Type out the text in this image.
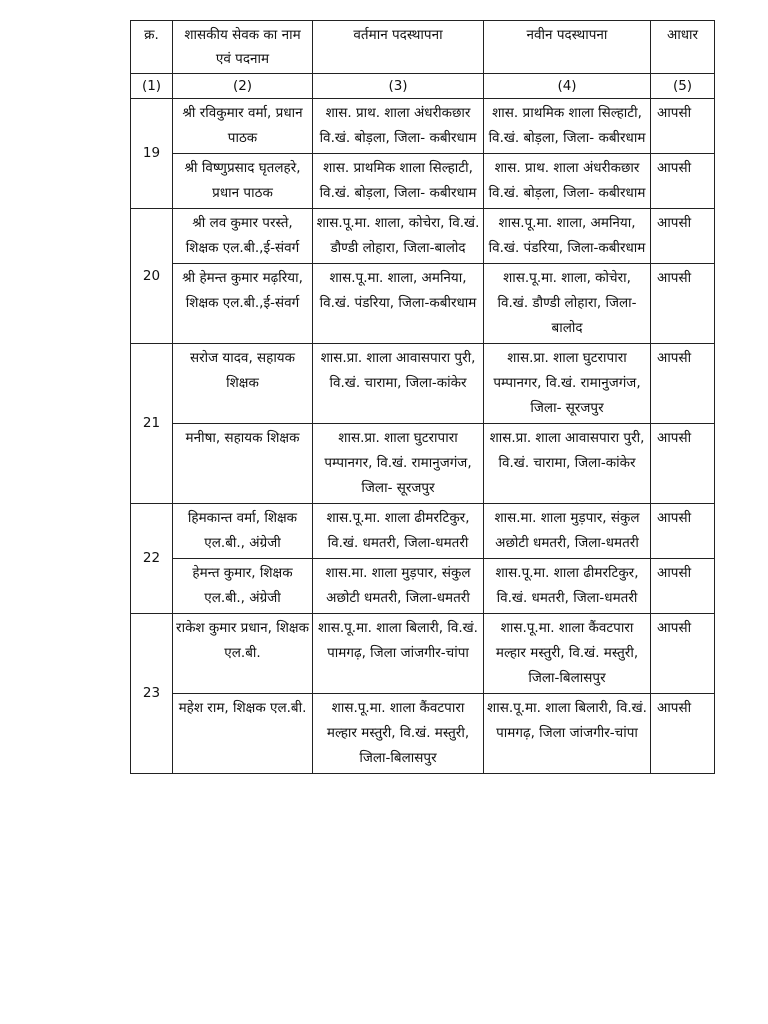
क्र.	शासकीय सेवक का नाम एवं पदनाम	वर्तमान पदस्थापना	नवीन पदस्थापना	आधार
(1)	(2)	(3)	(4)	(5)
19	श्री रविकुमार वर्मा, प्रधान पाठक	शास. प्राथ. शाला अंधरीकछार वि.खं. बोड़ला, जिला- कबीरधाम	शास. प्राथमिक शाला सिल्हाटी, वि.खं. बोड़ला, जिला- कबीरधाम	आपसी
	श्री विष्णुप्रसाद घृतलहरे, प्रधान पाठक	शास. प्राथमिक शाला सिल्हाटी, वि.खं. बोड़ला, जिला- कबीरधाम	शास. प्राथ. शाला अंधरीकछार वि.खं. बोड़ला, जिला- कबीरधाम	आपसी
20	श्री लव कुमार परस्ते, शिक्षक एल.बी.,ई-संवर्ग	शास.पू.मा. शाला, कोचेरा, वि.खं. डौण्डी लोहारा, जिला-बालोद	शास.पू.मा. शाला, अमनिया, वि.खं. पंडरिया, जिला-कबीरधाम	आपसी
	श्री हेमन्त कुमार मढ़रिया, शिक्षक एल.बी.,ई-संवर्ग	शास.पू.मा. शाला, अमनिया, वि.खं. पंडरिया, जिला-कबीरधाम	शास.पू.मा. शाला, कोचेरा, वि.खं. डौण्डी लोहारा, जिला-बालोद	आपसी
21	सरोज यादव, सहायक शिक्षक	शास.प्रा. शाला आवासपारा पुरी, वि.खं. चारामा, जिला-कांकेर	शास.प्रा. शाला घुटरापारा पम्पानगर, वि.खं. रामानुजगंज, जिला- सूरजपुर	आपसी
	मनीषा, सहायक शिक्षक	शास.प्रा. शाला घुटरापारा पम्पानगर, वि.खं. रामानुजगंज, जिला- सूरजपुर	शास.प्रा. शाला आवासपारा पुरी, वि.खं. चारामा, जिला-कांकेर	आपसी
22	हिमकान्त वर्मा, शिक्षक एल.बी., अंग्रेजी	शास.पू.मा. शाला ढीमरटिकुर, वि.खं. धमतरी, जिला-धमतरी	शास.मा. शाला मुड़पार, संकुल अछोटी धमतरी, जिला-धमतरी	आपसी
	हेमन्त कुमार, शिक्षक एल.बी., अंग्रेजी	शास.मा. शाला मुड़पार, संकुल अछोटी धमतरी, जिला-धमतरी	शास.पू.मा. शाला ढीमरटिकुर, वि.खं. धमतरी, जिला-धमतरी	आपसी
23	राकेश कुमार प्रधान, शिक्षक एल.बी.	शास.पू.मा. शाला बिलारी, वि.खं. पामगढ़, जिला जांजगीर-चांपा	शास.पू.मा. शाला कैंवटपारा मल्हार मस्तुरी, वि.खं. मस्तुरी, जिला-बिलासपुर	आपसी
	महेश राम, शिक्षक एल.बी.	शास.पू.मा. शाला कैंवटपारा मल्हार मस्तुरी, वि.खं. मस्तुरी, जिला-बिलासपुर	शास.पू.मा. शाला बिलारी, वि.खं. पामगढ़, जिला जांजगीर-चांपा	आपसी
